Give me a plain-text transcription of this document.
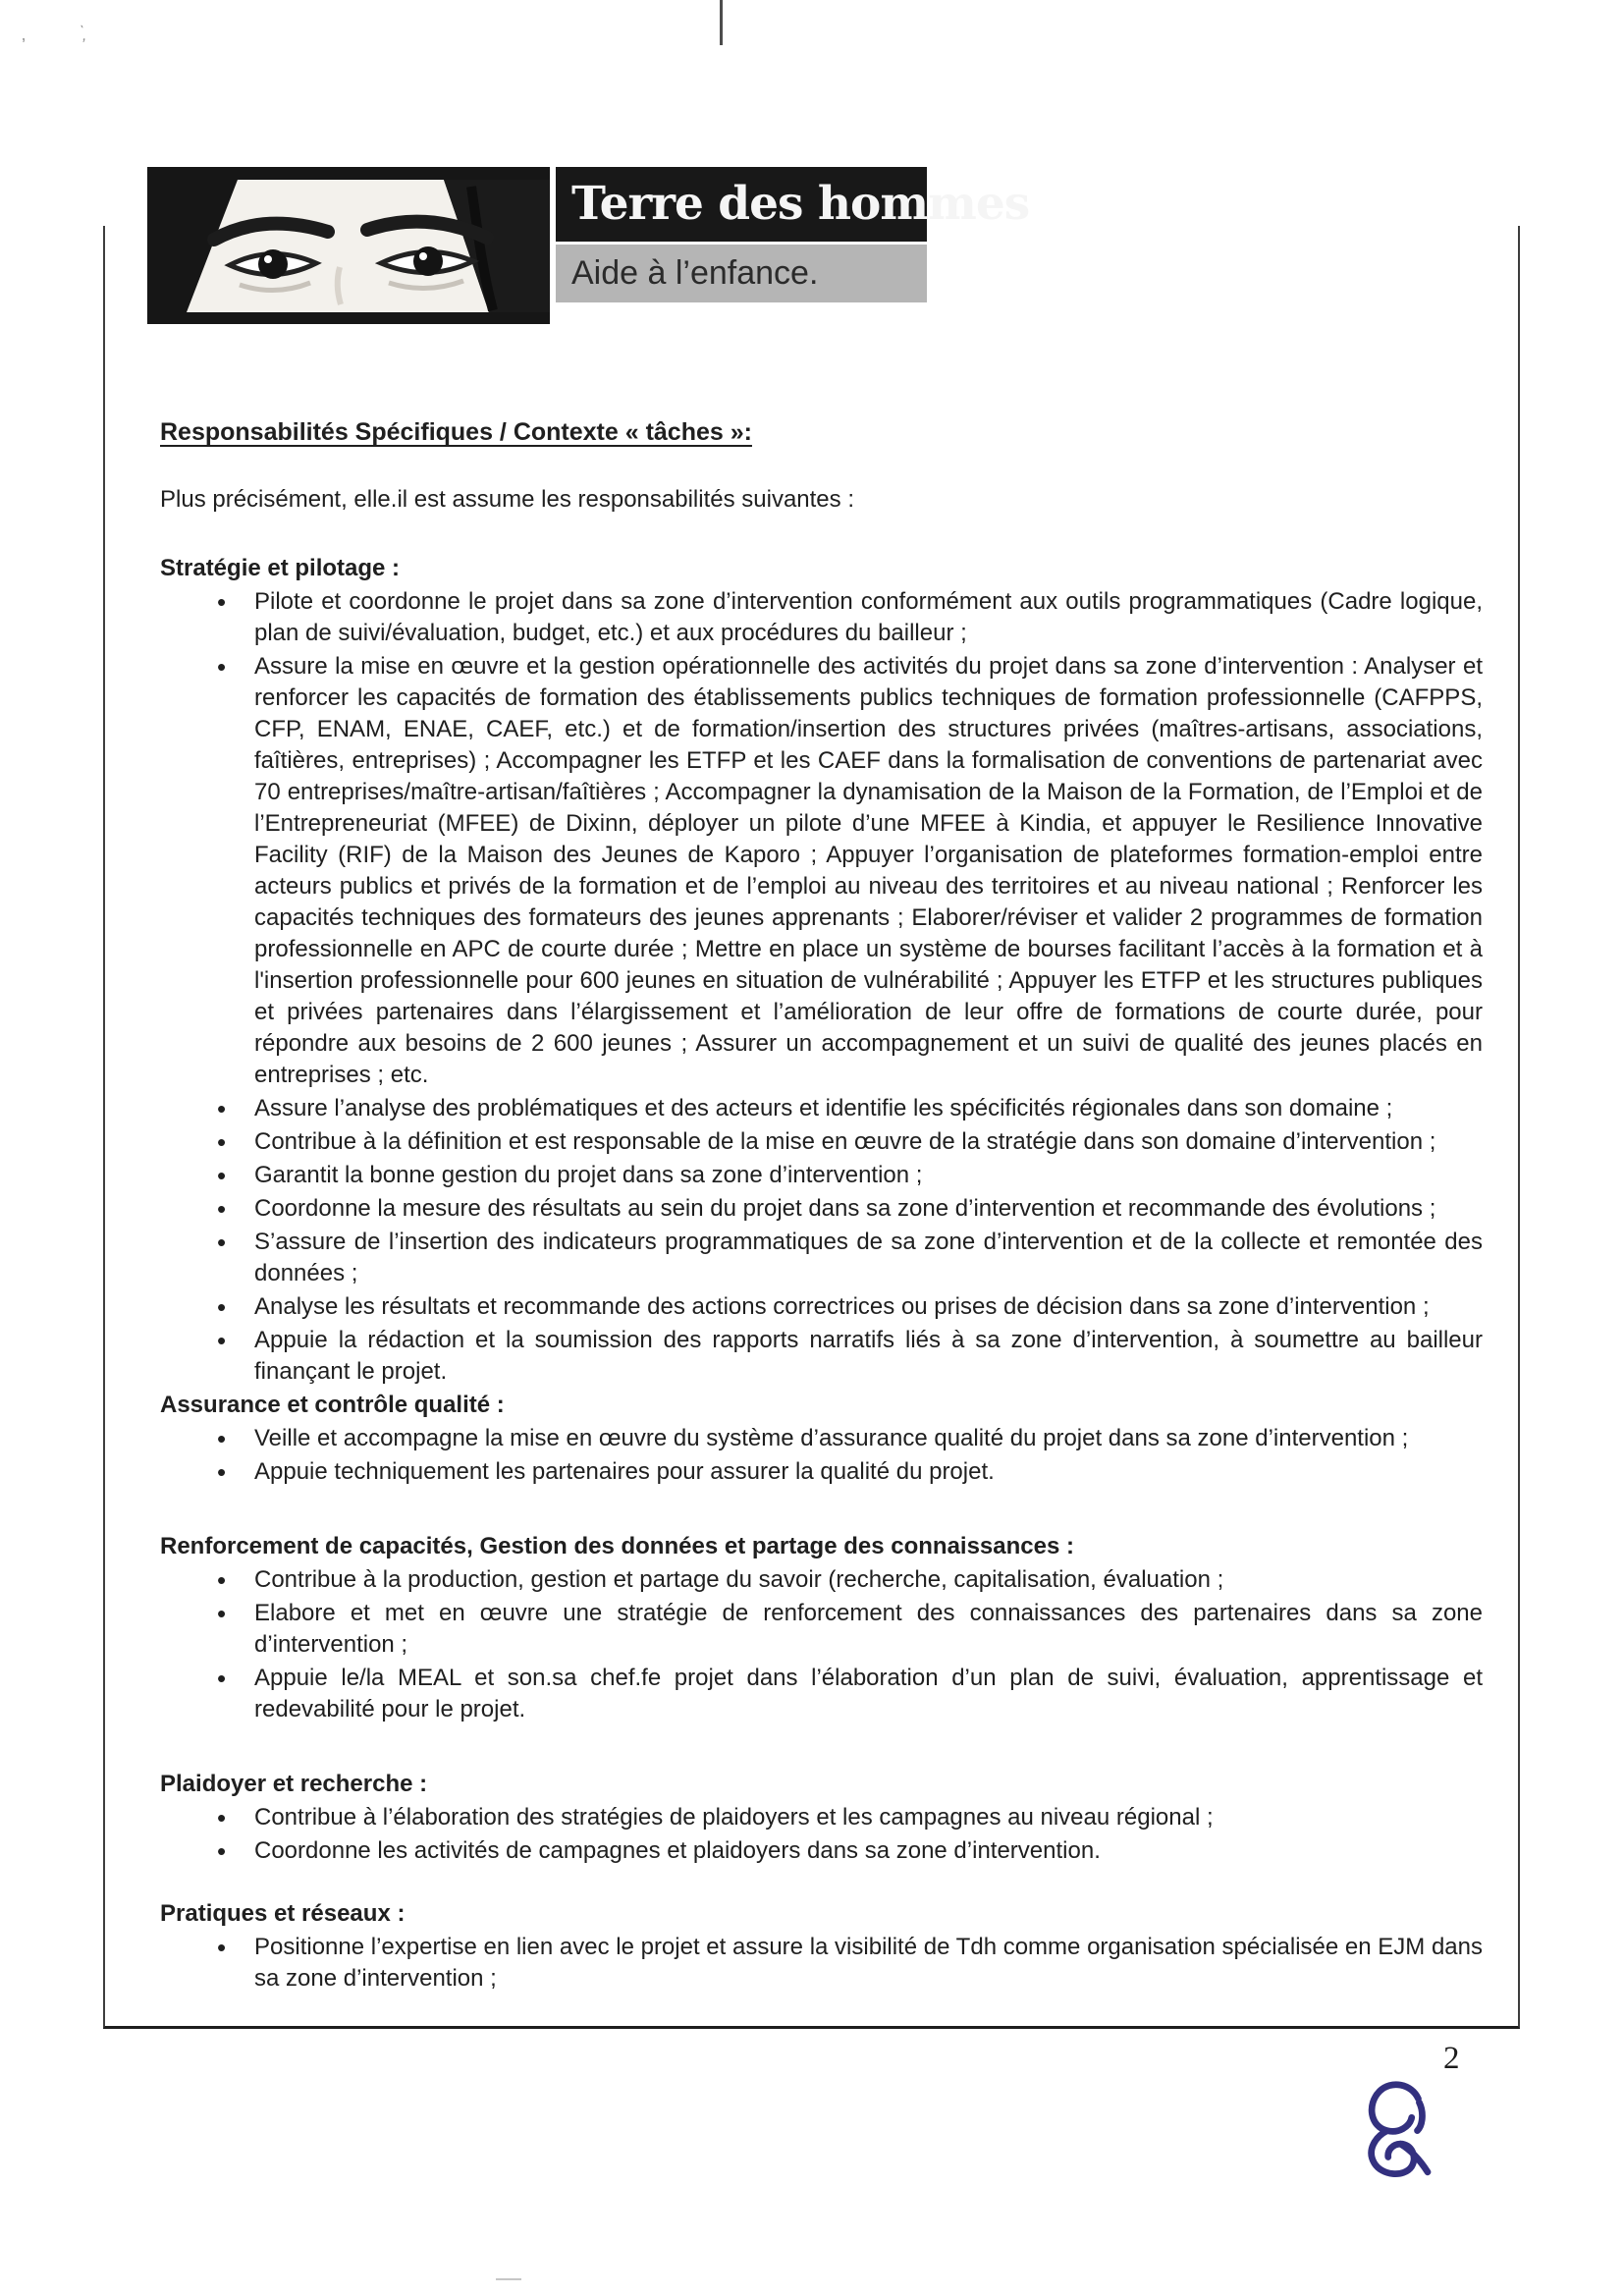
’	̀,
Terre des hommes
Aide à l’enfance.
Responsabilités Spécifiques / Contexte « tâches »:

Plus précisément, elle.il est assume les responsabilités suivantes :

Stratégie et pilotage :
• Pilote et coordonne le projet dans sa zone d’intervention conformément aux outils programmatiques (Cadre logique, plan de suivi/évaluation, budget, etc.) et aux procédures du bailleur ;
• Assure la mise en œuvre et la gestion opérationnelle des activités du projet dans sa zone d’intervention : Analyser et renforcer les capacités de formation des établissements publics techniques de formation professionnelle (CAFPPS, CFP, ENAM, ENAE, CAEF, etc.) et de formation/insertion des structures privées (maîtres-artisans, associations, faîtières, entreprises) ; Accompagner les ETFP et les CAEF dans la formalisation de conventions de partenariat avec 70 entreprises/maître-artisan/faîtières ; Accompagner la dynamisation de la Maison de la Formation, de l’Emploi et de l’Entrepreneuriat (MFEE) de Dixinn, déployer un pilote d’une MFEE à Kindia, et appuyer le Resilience Innovative Facility (RIF) de la Maison des Jeunes de Kaporo ; Appuyer l’organisation de plateformes formation-emploi entre acteurs publics et privés de la formation et de l’emploi au niveau des territoires et au niveau national ; Renforcer les capacités techniques des formateurs des jeunes apprenants ; Elaborer/réviser et valider 2 programmes de formation professionnelle en APC de courte durée ; Mettre en place un système de bourses facilitant l’accès à la formation et à l'insertion professionnelle pour 600 jeunes en situation de vulnérabilité ; Appuyer les ETFP et les structures publiques et privées partenaires dans l’élargissement et l’amélioration de leur offre de formations de courte durée, pour répondre aux besoins de 2 600 jeunes ; Assurer un accompagnement et un suivi de qualité des jeunes placés en entreprises ; etc.
• Assure l’analyse des problématiques et des acteurs et identifie les spécificités régionales dans son domaine ;
• Contribue à la définition et est responsable de la mise en œuvre de la stratégie dans son domaine d’intervention ;
• Garantit la bonne gestion du projet dans sa zone d’intervention ;
• Coordonne la mesure des résultats au sein du projet dans sa zone d’intervention et recommande des évolutions ;
• S’assure de l’insertion des indicateurs programmatiques de sa zone d’intervention et de la collecte et remontée des données ;
• Analyse les résultats et recommande des actions correctrices ou prises de décision dans sa zone d’intervention ;
• Appuie la rédaction et la soumission des rapports narratifs liés à sa zone d’intervention, à soumettre au bailleur finançant le projet.
Assurance et contrôle qualité :
• Veille et accompagne la mise en œuvre du système d’assurance qualité du projet dans sa zone d’intervention ;
• Appuie techniquement les partenaires pour assurer la qualité du projet.
Renforcement de capacités, Gestion des données et partage des connaissances :
• Contribue à la production, gestion et partage du savoir (recherche, capitalisation, évaluation ;
• Elabore et met en œuvre une stratégie de renforcement des connaissances des partenaires dans sa zone d’intervention ;
• Appuie le/la MEAL et son.sa chef.fe projet dans l’élaboration d’un plan de suivi, évaluation, apprentissage et redevabilité pour le projet.
Plaidoyer et recherche :
• Contribue à l’élaboration des stratégies de plaidoyers et les campagnes au niveau régional ;
• Coordonne les activités de campagnes et plaidoyers dans sa zone d’intervention.
Pratiques et réseaux :
• Positionne l’expertise en lien avec le projet et assure la visibilité de Tdh comme organisation spécialisée en EJM dans sa zone d’intervention ;
2
